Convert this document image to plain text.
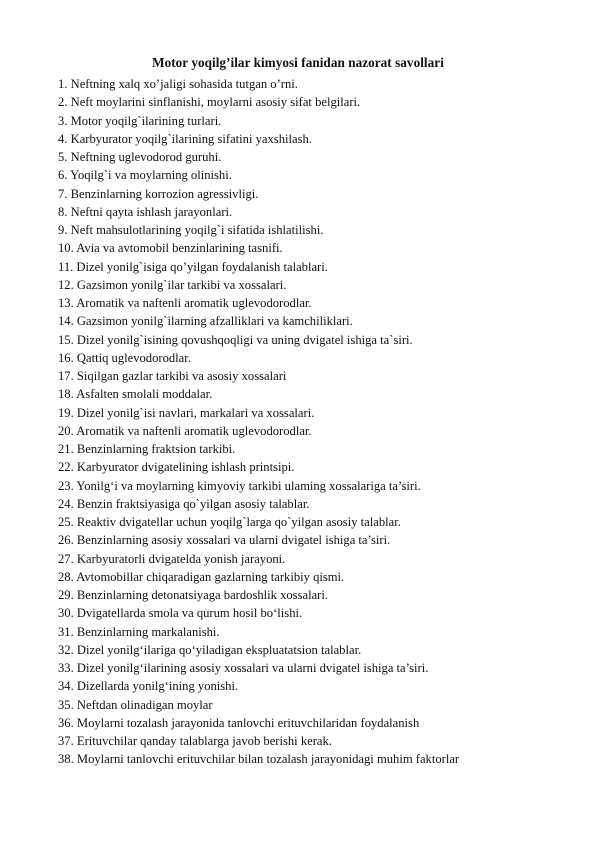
Motor yoqilg’ilar kimyosi fanidan nazorat savollari
1. Neftning xalq xo’jaligi sohasida tutgan o’rni.
2. Neft moylarini sinflanishi, moylarni asosiy sifat belgilari.
3. Motor yoqilg`ilarining turlari.
4. Karbyurator yoqilg`ilarining sifatini yaxshilash.
5. Neftning uglevodorod guruhi.
6. Yoqilg`i va moylarning olinishi.
7. Benzinlarning korrozion agressivligi.
8. Neftni qayta ishlash jarayonlari.
9. Neft mahsulotlarining yoqilg`i sifatida ishlatilishi.
10. Avia va avtomobil benzinlarining tasnifi.
11. Dizel yonilg`isiga qo’yilgan foydalanish talablari.
12. Gazsimon yonilg`ilar tarkibi va xossalari.
13. Aromatik va naftenli aromatik uglevodorodlar.
14. Gazsimon yonilg`ilarning afzalliklari va kamchiliklari.
15. Dizel yonilg`isining qovushqoqligi va uning dvigatel ishiga ta`siri.
16. Qattiq uglevodorodlar.
17. Siqilgan gazlar tarkibi va asosiy xossalari
18. Asfalten smolali moddalar.
19. Dizel yonilg`isi navlari, markalari va xossalari.
20. Aromatik va naftenli aromatik uglevodorodlar.
21. Benzinlarning fraktsion tarkibi.
22. Karbyurator dvigatelining ishlash printsipi.
23. Yonilg‘i va moylarning kimyoviy tarkibi ulaming xossalariga ta’siri.
24. Benzin fraktsiyasiga qo`yilgan asosiy talablar.
25. Reaktiv dvigatellar uchun yoqilg`larga qo`yilgan asosiy talablar.
26. Benzinlarning asosiy xossalari va ularni dvigatel ishiga ta’siri.
27. Karbyuratorli dvigatelda yonish jarayoni.
28. Avtomobillar chiqaradigan gazlarning tarkibiy qismi.
29. Benzinlarning detonatsiyaga bardoshlik xossalari.
30. Dvigatellarda smola va qurum hosil bo‘lishi.
31. Benzinlarning markalanishi.
32. Dizel yonilg‘ilariga qo‘yiladigan ekspluatatsion talablar.
33. Dizel yonilg‘ilarining asosiy xossalari va ularni dvigatel ishiga ta’siri.
34. Dizellarda yonilg‘ining yonishi.
35. Neftdan olinadigan moylar
36. Moylarni tozalash jarayonida tanlovchi erituvchilaridan foydalanish
37. Erituvchilar qanday talablarga javob berishi kerak.
38. Moylarni tanlovchi erituvchilar bilan tozalash jarayonidagi muhim faktorlar
